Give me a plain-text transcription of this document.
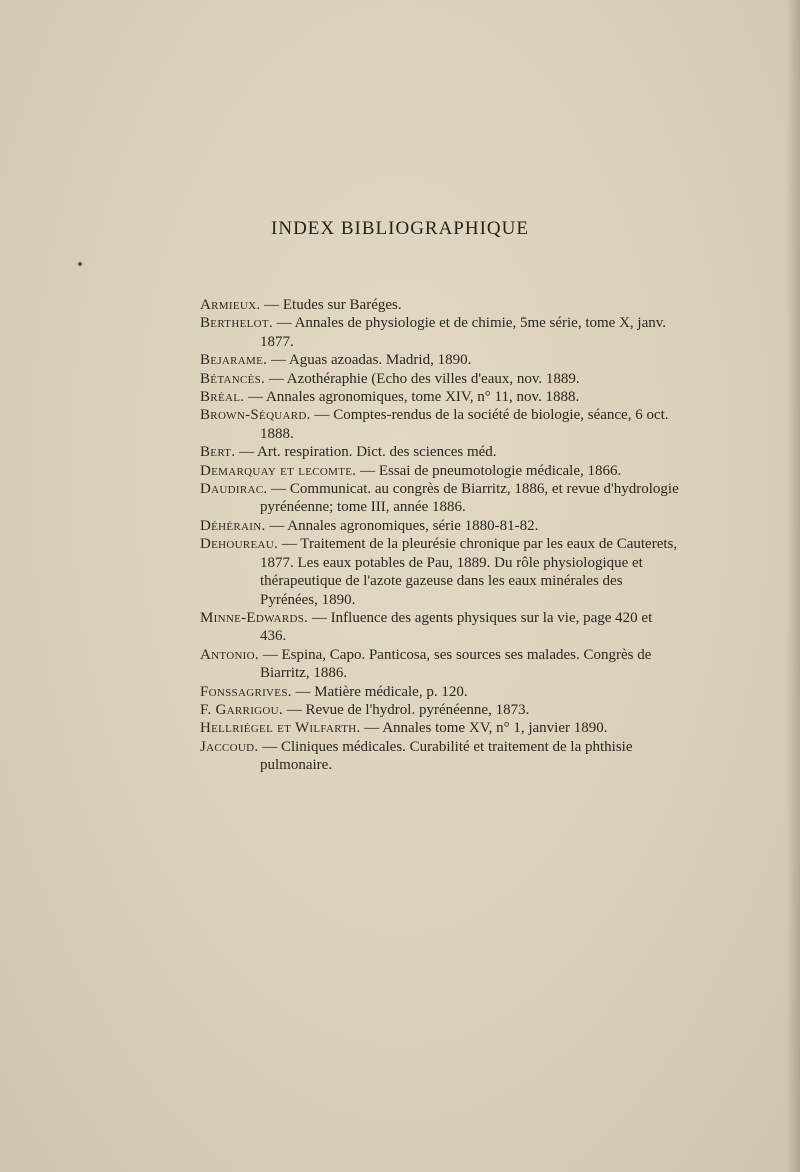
INDEX BIBLIOGRAPHIQUE

Armieux. — Etudes sur Baréges.

Berthelot. — Annales de physiologie et de chimie, 5me série, tome X, janv. 1877.

Bejarame. — Aguas azoadas. Madrid, 1890.

Bétancès. — Azothéraphie (Echo des villes d'eaux, nov. 1889.

Bréal. — Annales agronomiques, tome XIV, n° 11, nov. 1888.

Brown-Séquard. — Comptes-rendus de la société de biologie, séance, 6 oct. 1888.

Bert. — Art. respiration. Dict. des sciences méd.

Demarquay et lecomte. — Essai de pneumotologie médicale, 1866.

Daudirac. — Communicat. au congrès de Biarritz, 1886, et revue d'hydrologie pyrénéenne; tome III, année 1886.

Déhérain. — Annales agronomiques, série 1880-81-82.

Dehoureau. — Traitement de la pleurésie chronique par les eaux de Cauterets, 1877. Les eaux potables de Pau, 1889. Du rôle physiologique et thérapeutique de l'azote gazeuse dans les eaux minérales des Pyrénées, 1890.

Minne-Edwards. — Influence des agents physiques sur la vie, page 420 et 436.

Antonio. — Espina, Capo. Panticosa, ses sources ses malades. Congrès de Biarritz, 1886.

Fonssagrives. — Matière médicale, p. 120.

F. Garrigou. — Revue de l'hydrol. pyrénéenne, 1873.

Hellriégel et Wilfarth. — Annales tome XV, n° 1, janvier 1890.

Jaccoud. — Cliniques médicales. Curabilité et traitement de la phthisie pulmonaire.
